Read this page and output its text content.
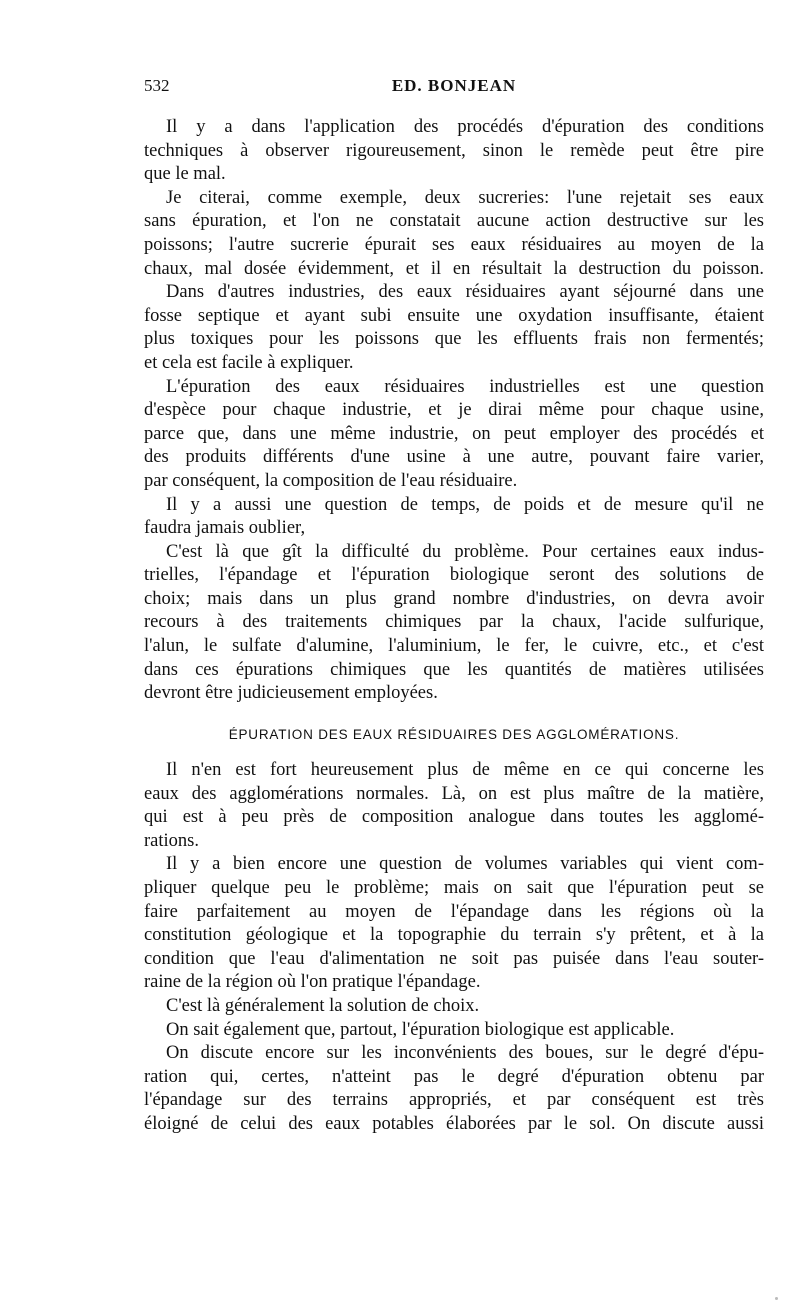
532	ED. BONJEAN
Il y a dans l'application des procédés d'épuration des conditions
techniques à observer rigoureusement, sinon le remède peut être pire
que le mal.
Je citerai, comme exemple, deux sucreries: l'une rejetait ses eaux
sans épuration, et l'on ne constatait aucune action destructive sur les
poissons; l'autre sucrerie épurait ses eaux résiduaires au moyen de la
chaux, mal dosée évidemment, et il en résultait la destruction du poisson.
Dans d'autres industries, des eaux résiduaires ayant séjourné dans une
fosse septique et ayant subi ensuite une oxydation insuffisante, étaient
plus toxiques pour les poissons que les effluents frais non fermentés;
et cela est facile à expliquer.
L'épuration des eaux résiduaires industrielles est une question
d'espèce pour chaque industrie, et je dirai même pour chaque usine,
parce que, dans une même industrie, on peut employer des procédés et
des produits différents d'une usine à une autre, pouvant faire varier,
par conséquent, la composition de l'eau résiduaire.
Il y a aussi une question de temps, de poids et de mesure qu'il ne
faudra jamais oublier,
C'est là que gît la difficulté du problème. Pour certaines eaux indus-
trielles, l'épandage et l'épuration biologique seront des solutions de
choix; mais dans un plus grand nombre d'industries, on devra avoir
recours à des traitements chimiques par la chaux, l'acide sulfurique,
l'alun, le sulfate d'alumine, l'aluminium, le fer, le cuivre, etc., et c'est
dans ces épurations chimiques que les quantités de matières utilisées
devront être judicieusement employées.
ÉPURATION DES EAUX RÉSIDUAIRES DES AGGLOMÉRATIONS.
Il n'en est fort heureusement plus de même en ce qui concerne les
eaux des agglomérations normales. Là, on est plus maître de la matière,
qui est à peu près de composition analogue dans toutes les agglomé-
rations.
Il y a bien encore une question de volumes variables qui vient com-
pliquer quelque peu le problème; mais on sait que l'épuration peut se
faire parfaitement au moyen de l'épandage dans les régions où la
constitution géologique et la topographie du terrain s'y prêtent, et à la
condition que l'eau d'alimentation ne soit pas puisée dans l'eau souter-
raine de la région où l'on pratique l'épandage.
C'est là généralement la solution de choix.
On sait également que, partout, l'épuration biologique est applicable.
On discute encore sur les inconvénients des boues, sur le degré d'épu-
ration qui, certes, n'atteint pas le degré d'épuration obtenu par
l'épandage sur des terrains appropriés, et par conséquent est très
éloigné de celui des eaux potables élaborées par le sol. On discute aussi
